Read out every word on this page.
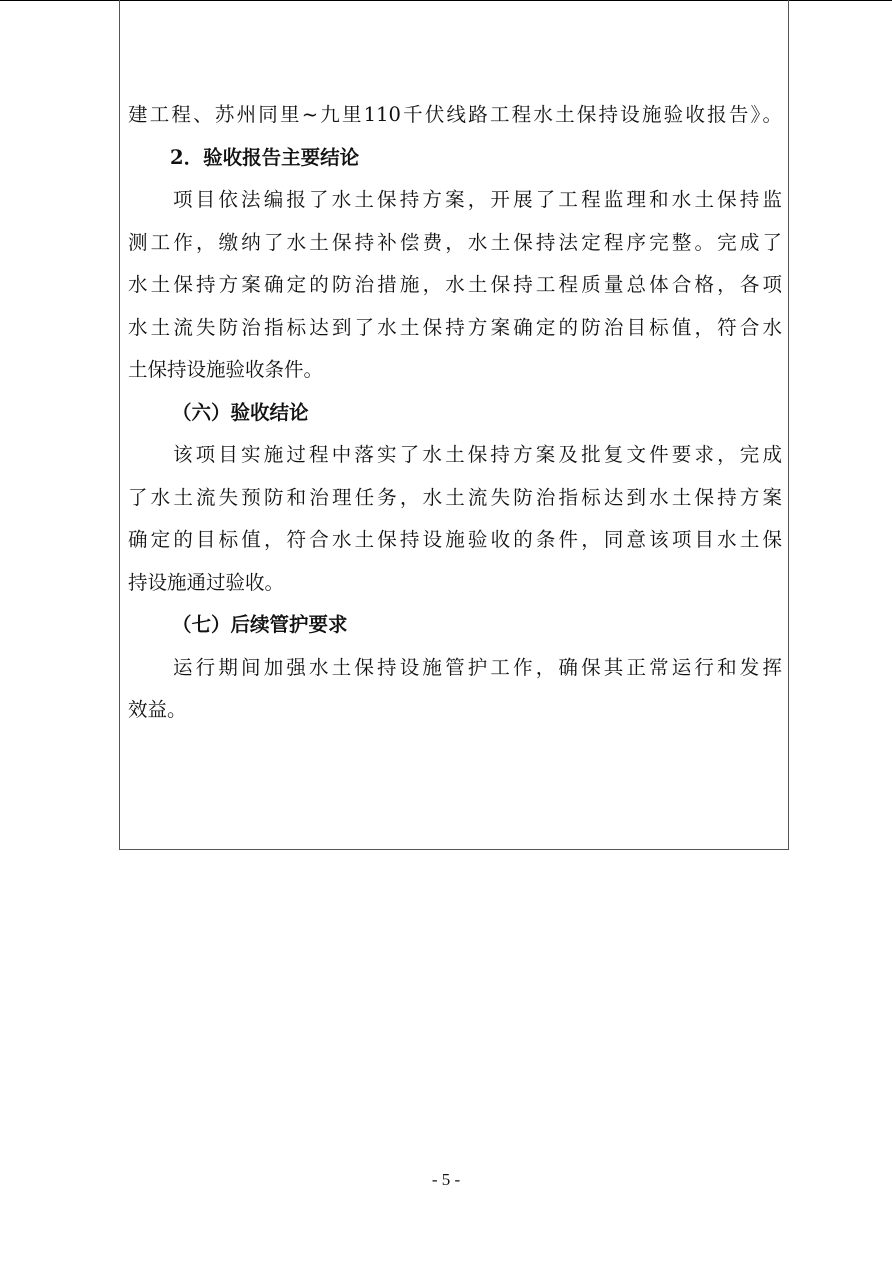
建工程、苏州同里~九里110千伏线路工程水土保持设施验收报告》。
2．验收报告主要结论
项目依法编报了水土保持方案，开展了工程监理和水土保持监
测工作，缴纳了水土保持补偿费，水土保持法定程序完整。完成了
水土保持方案确定的防治措施，水土保持工程质量总体合格，各项
水土流失防治指标达到了水土保持方案确定的防治目标值，符合水
土保持设施验收条件。
（六）验收结论
该项目实施过程中落实了水土保持方案及批复文件要求，完成
了水土流失预防和治理任务，水土流失防治指标达到水土保持方案
确定的目标值，符合水土保持设施验收的条件，同意该项目水土保
持设施通过验收。
（七）后续管护要求
运行期间加强水土保持设施管护工作，确保其正常运行和发挥
效益。
- 5 -
